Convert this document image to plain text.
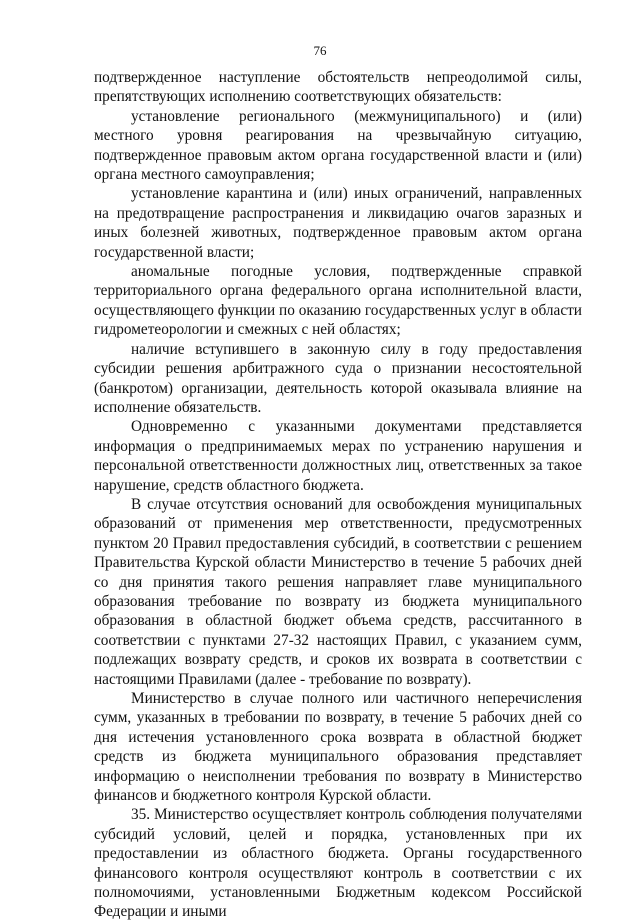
76

подтвержденное наступление обстоятельств непреодолимой силы, препятствующих исполнению соответствующих обязательств:

установление регионального (межмуниципального) и (или) местного уровня реагирования на чрезвычайную ситуацию, подтвержденное правовым актом органа государственной власти и (или) органа местного самоуправления;

установление карантина и (или) иных ограничений, направленных на предотвращение распространения и ликвидацию очагов заразных и иных болезней животных, подтвержденное правовым актом органа государственной власти;

аномальные погодные условия, подтвержденные справкой территориального органа федерального органа исполнительной власти, осуществляющего функции по оказанию государственных услуг в области гидрометеорологии и смежных с ней областях;

наличие вступившего в законную силу в году предоставления субсидии решения арбитражного суда о признании несостоятельной (банкротом) организации, деятельность которой оказывала влияние на исполнение обязательств.

Одновременно с указанными документами представляется информация о предпринимаемых мерах по устранению нарушения и персональной ответственности должностных лиц, ответственных за такое нарушение, средств областного бюджета.

В случае отсутствия оснований для освобождения муниципальных образований от применения мер ответственности, предусмотренных пунктом 20 Правил предоставления субсидий, в соответствии с решением Правительства Курской области Министерство в течение 5 рабочих дней со дня принятия такого решения направляет главе муниципального образования требование по возврату из бюджета муниципального образования в областной бюджет объема средств, рассчитанного в соответствии с пунктами 27-32 настоящих Правил, с указанием сумм, подлежащих возврату средств, и сроков их возврата в соответствии с настоящими Правилами (далее - требование по возврату).

Министерство в случае полного или частичного неперечисления сумм, указанных в требовании по возврату, в течение 5 рабочих дней со дня истечения установленного срока возврата в областной бюджет средств из бюджета муниципального образования представляет информацию о неисполнении требования по возврату в Министерство финансов и бюджетного контроля Курской области.

35. Министерство осуществляет контроль соблюдения получателями субсидий условий, целей и порядка, установленных при их предоставлении из областного бюджета. Органы государственного финансового контроля осуществляют контроль в соответствии с их полномочиями, установленными Бюджетным кодексом Российской Федерации и иными
